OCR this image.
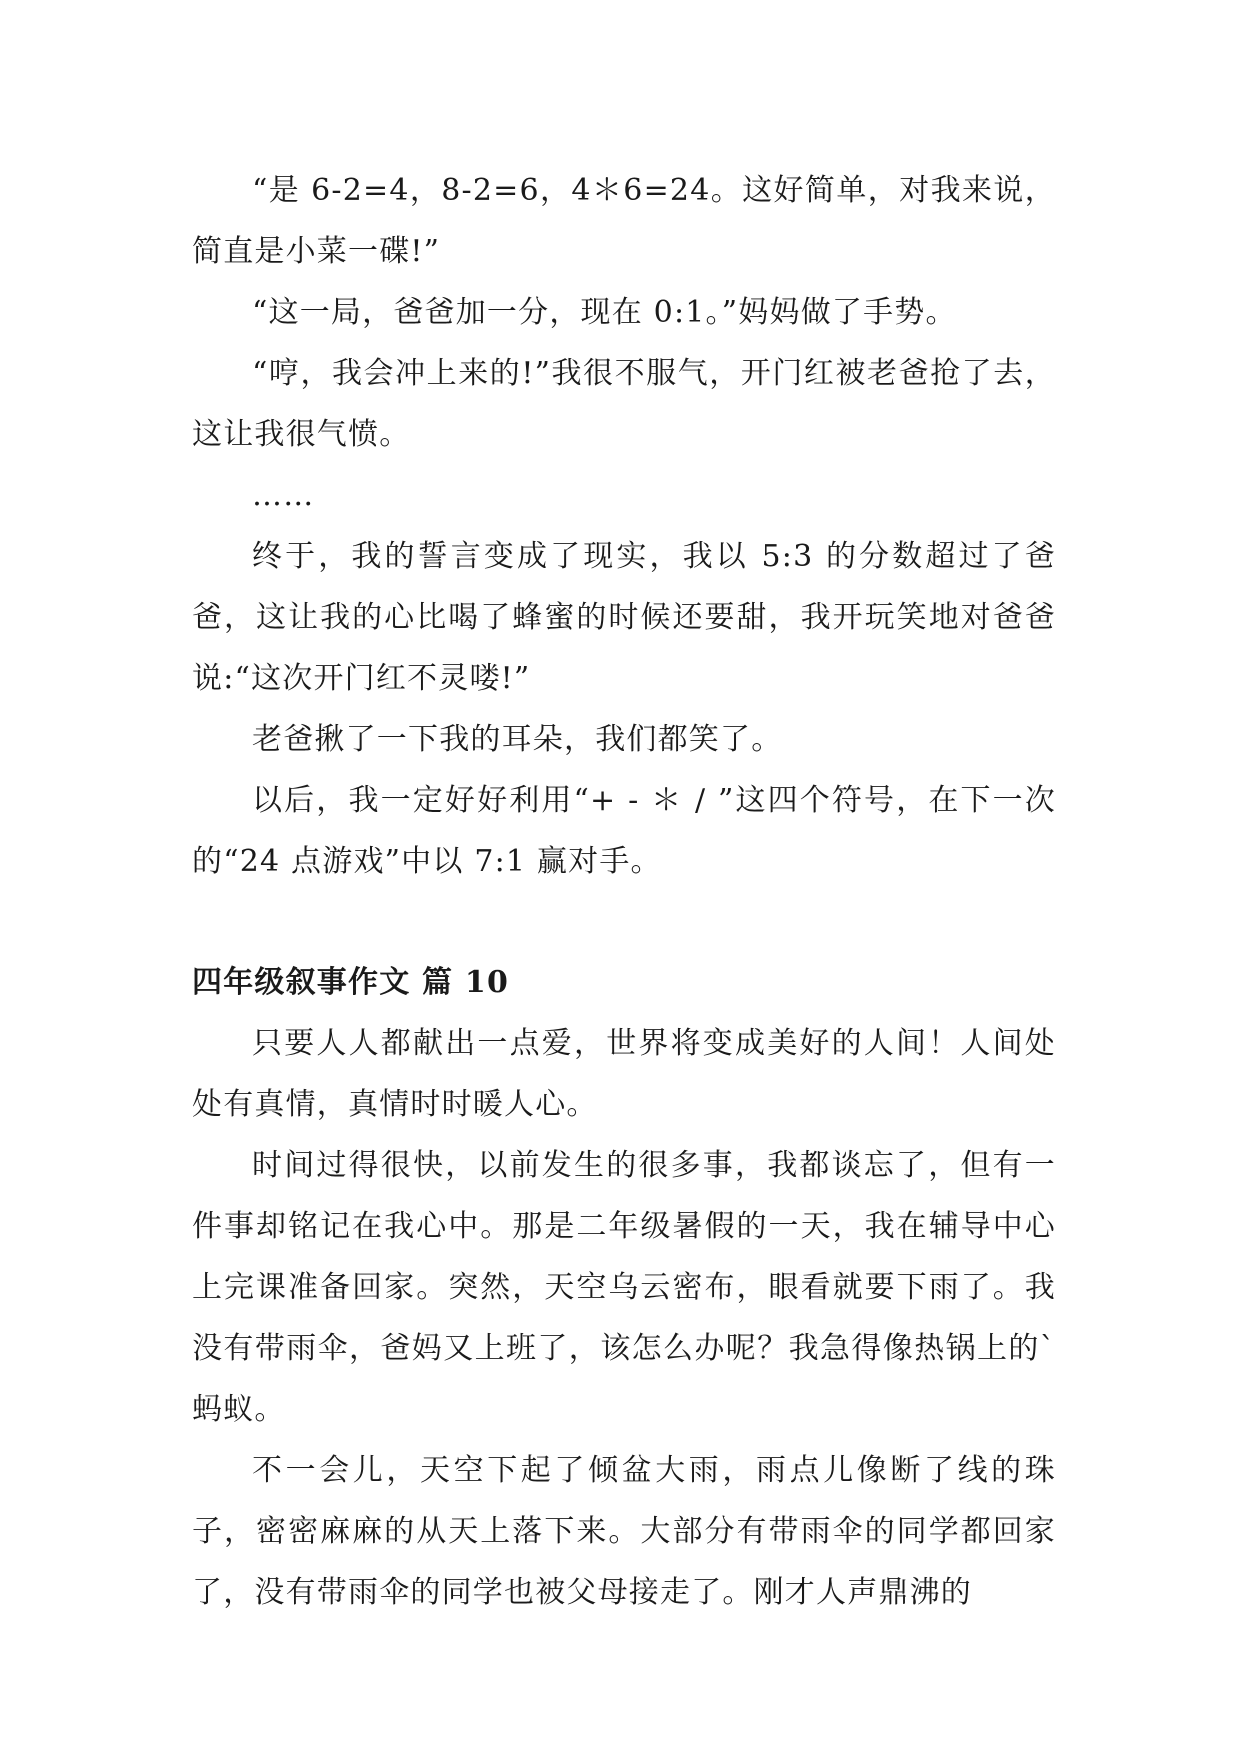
“是 6-2=4，8-2=6，4＊6=24。这好简单，对我来说，简直是小菜一碟!”

“这一局，爸爸加一分，现在 0:1。”妈妈做了手势。

“哼，我会冲上来的!”我很不服气，开门红被老爸抢了去，这让我很气愤。

……

终于，我的誓言变成了现实，我以 5:3 的分数超过了爸爸，这让我的心比喝了蜂蜜的时候还要甜，我开玩笑地对爸爸说:“这次开门红不灵喽!”

老爸揪了一下我的耳朵，我们都笑了。

以后，我一定好好利用“+ - ＊ / ”这四个符号，在下一次的“24 点游戏”中以 7:1 赢对手。

四年级叙事作文 篇 10

只要人人都献出一点爱，世界将变成美好的人间！人间处处有真情，真情时时暖人心。

时间过得很快，以前发生的很多事，我都谈忘了，但有一件事却铭记在我心中。那是二年级暑假的一天，我在辅导中心上完课准备回家。突然，天空乌云密布，眼看就要下雨了。我没有带雨伞，爸妈又上班了，该怎么办呢？我急得像热锅上的`蚂蚁。

不一会儿，天空下起了倾盆大雨，雨点儿像断了线的珠子，密密麻麻的从天上落下来。大部分有带雨伞的同学都回家了，没有带雨伞的同学也被父母接走了。刚才人声鼎沸的
